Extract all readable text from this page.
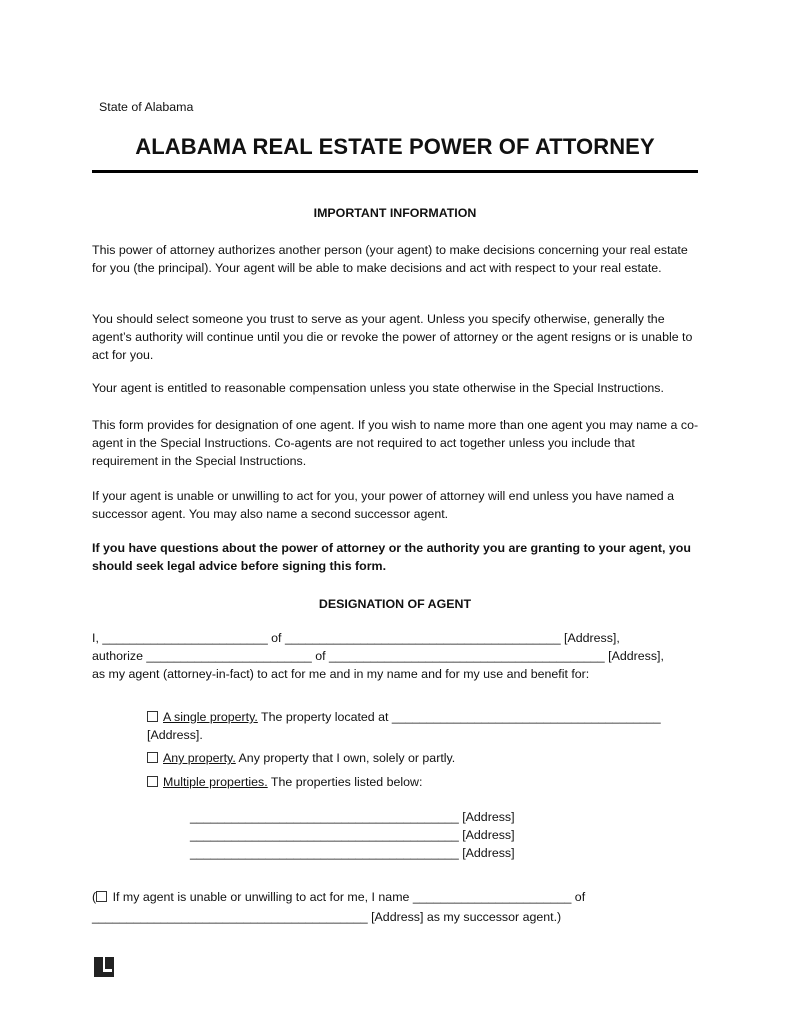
State of Alabama
ALABAMA REAL ESTATE POWER OF ATTORNEY
IMPORTANT INFORMATION
This power of attorney authorizes another person (your agent) to make decisions concerning your real estate for you (the principal). Your agent will be able to make decisions and act with respect to your real estate.
You should select someone you trust to serve as your agent. Unless you specify otherwise, generally the agent’s authority will continue until you die or revoke the power of attorney or the agent resigns or is unable to act for you.
Your agent is entitled to reasonable compensation unless you state otherwise in the Special Instructions.
This form provides for designation of one agent. If you wish to name more than one agent you may name a co-agent in the Special Instructions. Co-agents are not required to act together unless you include that requirement in the Special Instructions.
If your agent is unable or unwilling to act for you, your power of attorney will end unless you have named a successor agent. You may also name a second successor agent.
If you have questions about the power of attorney or the authority you are granting to your agent, you should seek legal advice before signing this form.
DESIGNATION OF AGENT
I, ________________________ of ________________________________________ [Address],
authorize ________________________ of ________________________________________ [Address],
as my agent (attorney-in-fact) to act for me and in my name and for my use and benefit for:
A single property. The property located at _______________________________________
[Address].
Any property. Any property that I own, solely or partly.
Multiple properties. The properties listed below:
_______________________________________ [Address]
_______________________________________ [Address]
_______________________________________ [Address]
( If my agent is unable or unwilling to act for me, I name _______________________ of
________________________________________ [Address] as my successor agent.)
